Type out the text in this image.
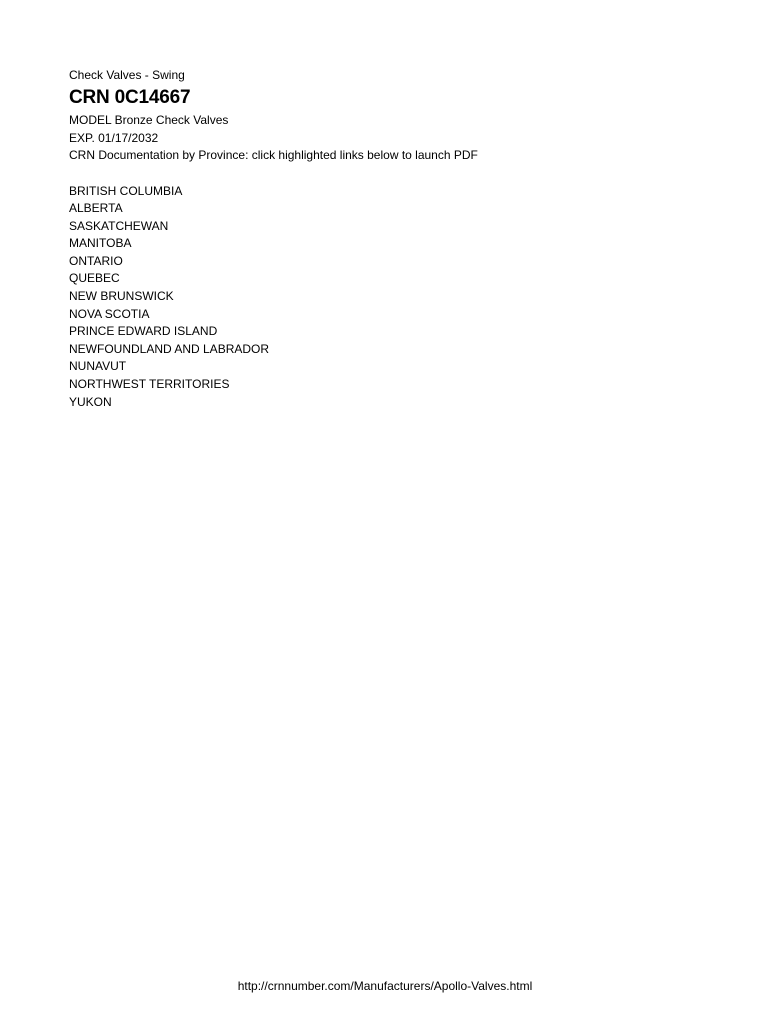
Check Valves - Swing

CRN 0C14667

MODEL Bronze Check Valves

EXP. 01/17/2032

CRN Documentation by Province: click highlighted links below to launch PDF

BRITISH COLUMBIA
ALBERTA
SASKATCHEWAN
MANITOBA
ONTARIO
QUEBEC
NEW BRUNSWICK
NOVA SCOTIA
PRINCE EDWARD ISLAND
NEWFOUNDLAND AND LABRADOR
NUNAVUT
NORTHWEST TERRITORIES
YUKON
http://crnnumber.com/Manufacturers/Apollo-Valves.html
